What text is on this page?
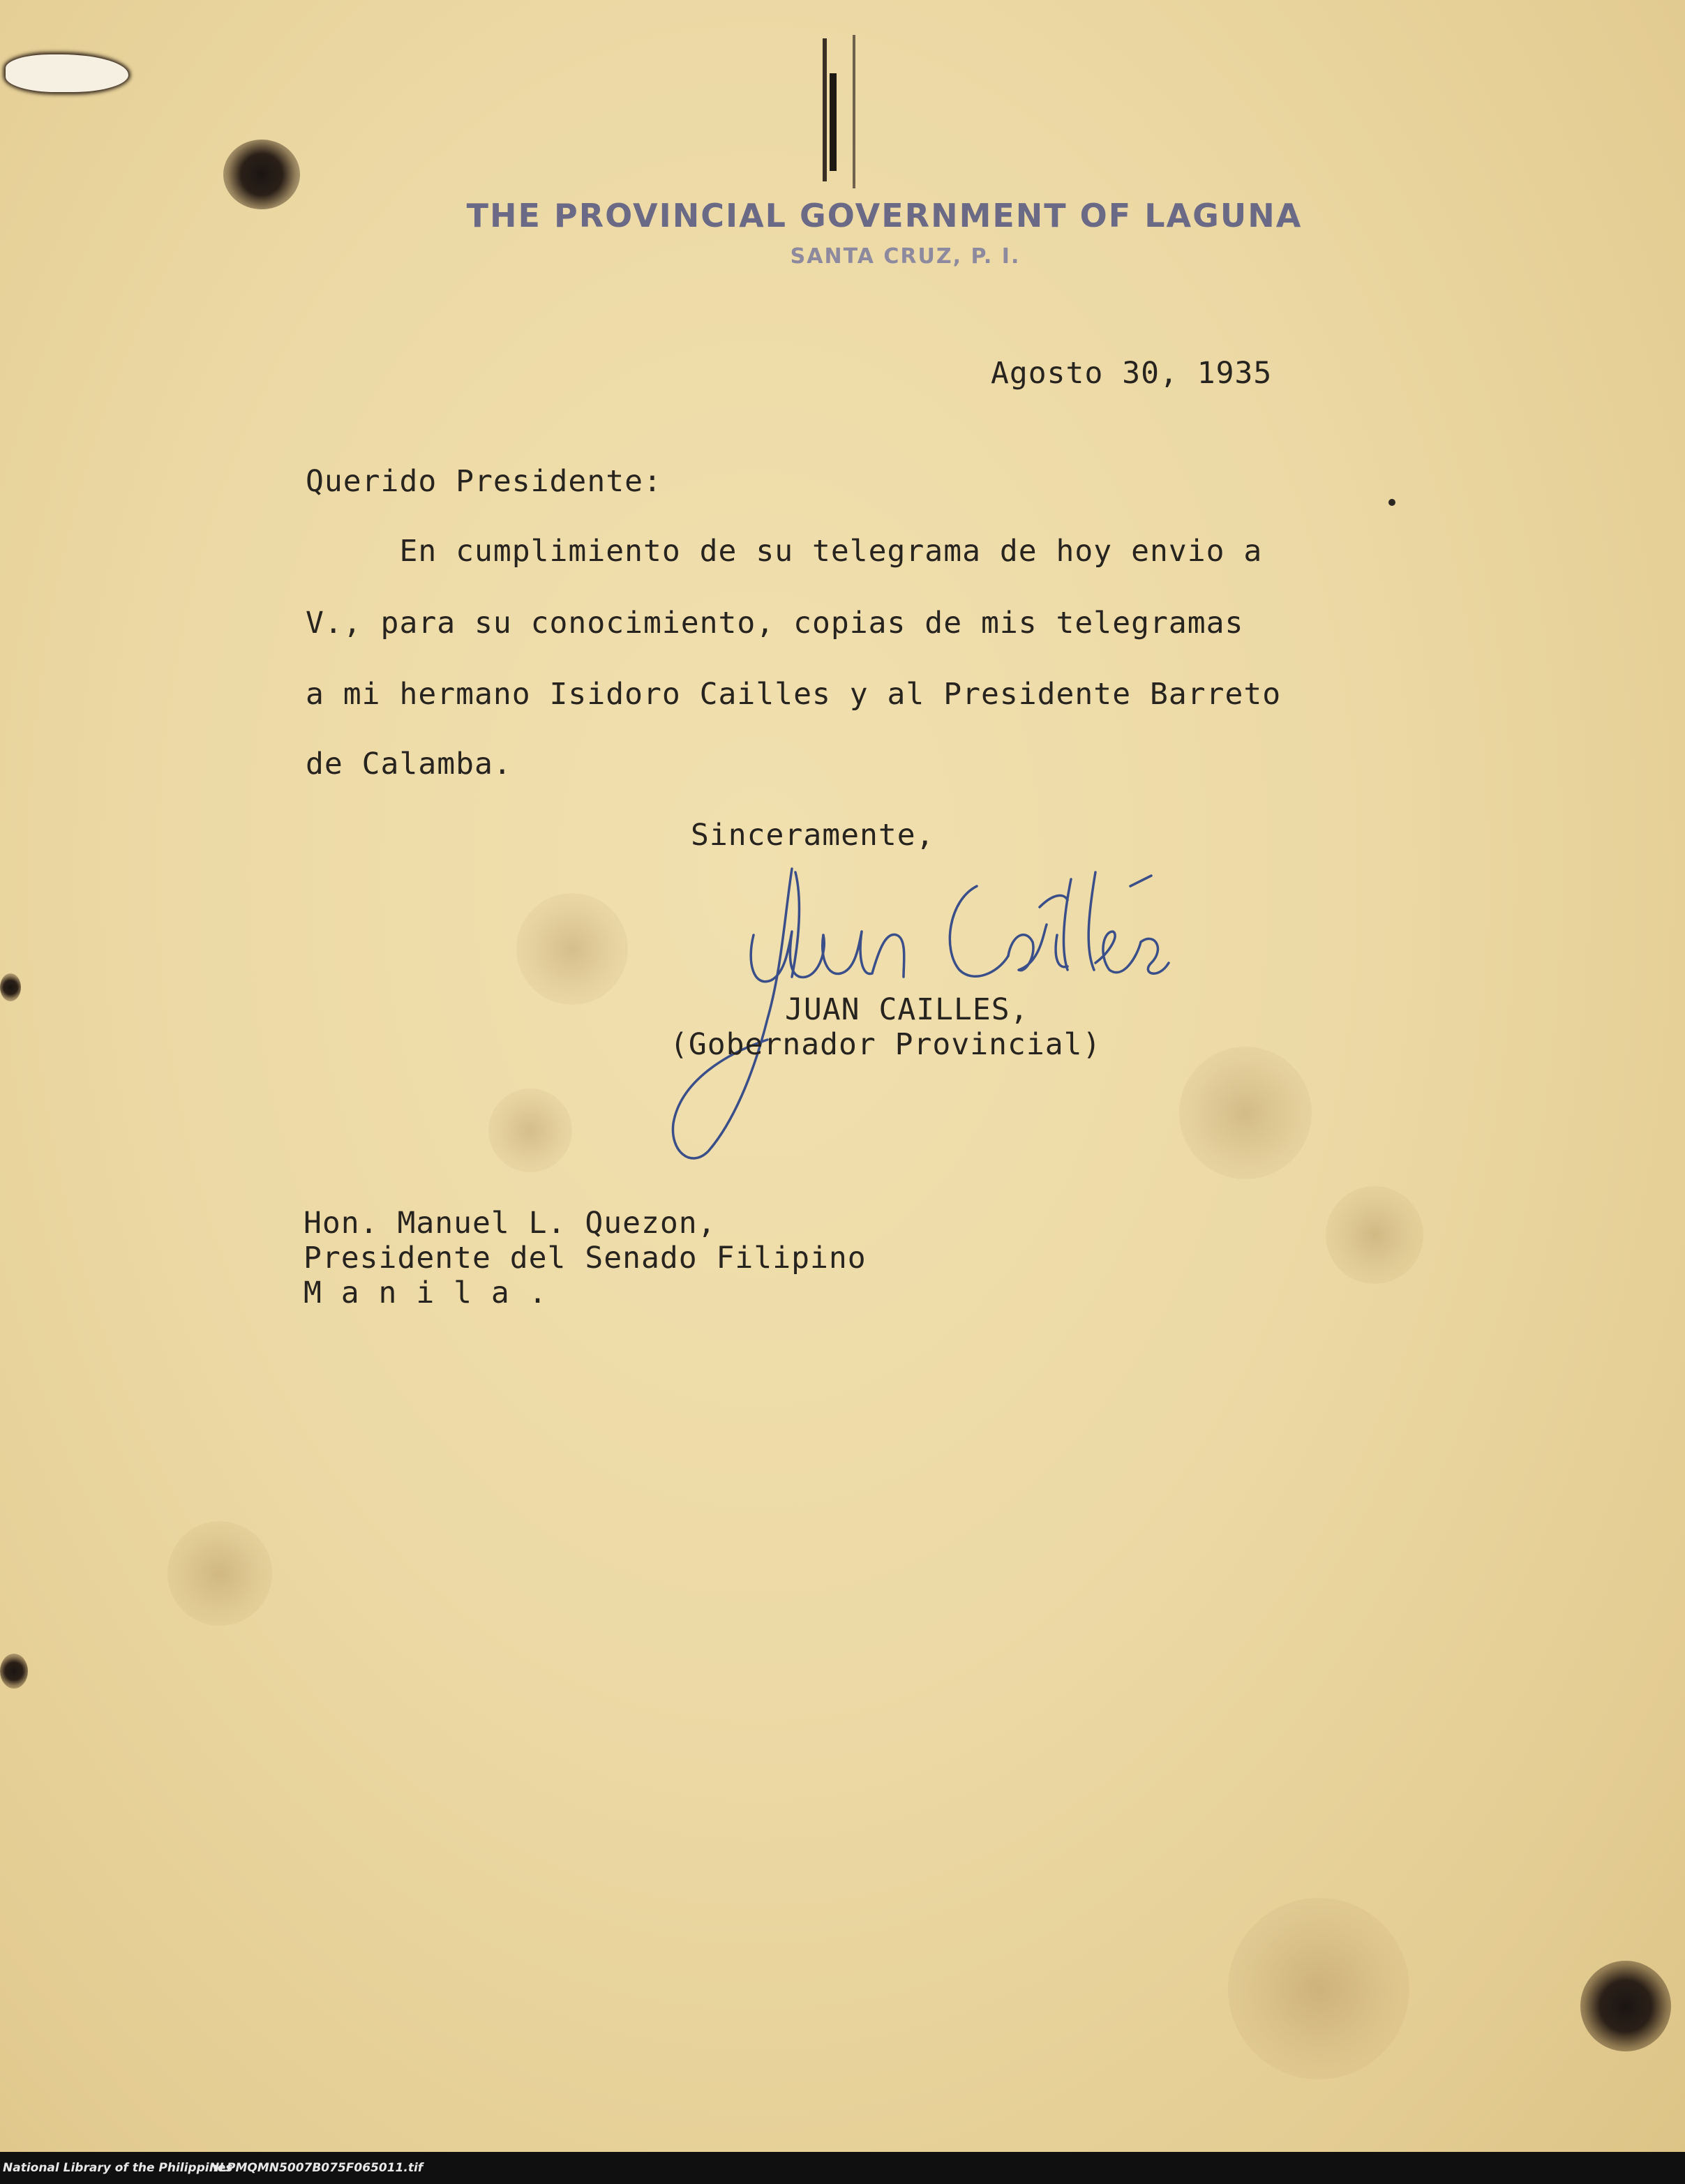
THE PROVINCIAL GOVERNMENT OF LAGUNA
SANTA CRUZ, P. I.
Agosto 30, 1935
Querido Presidente:
En cumplimiento de su telegrama de hoy envio a
V., para su conocimiento, copias de mis telegramas
a mi hermano Isidoro Cailles y al Presidente Barreto
de Calamba.
Sinceramente,
JUAN CAILLES,
(Gobernador Provincial)
Hon. Manuel L. Quezon,
Presidente del Senado Filipino
M a n i l a .

National Library of the Philippines

NLPMQMN5007B075F065011.tif
